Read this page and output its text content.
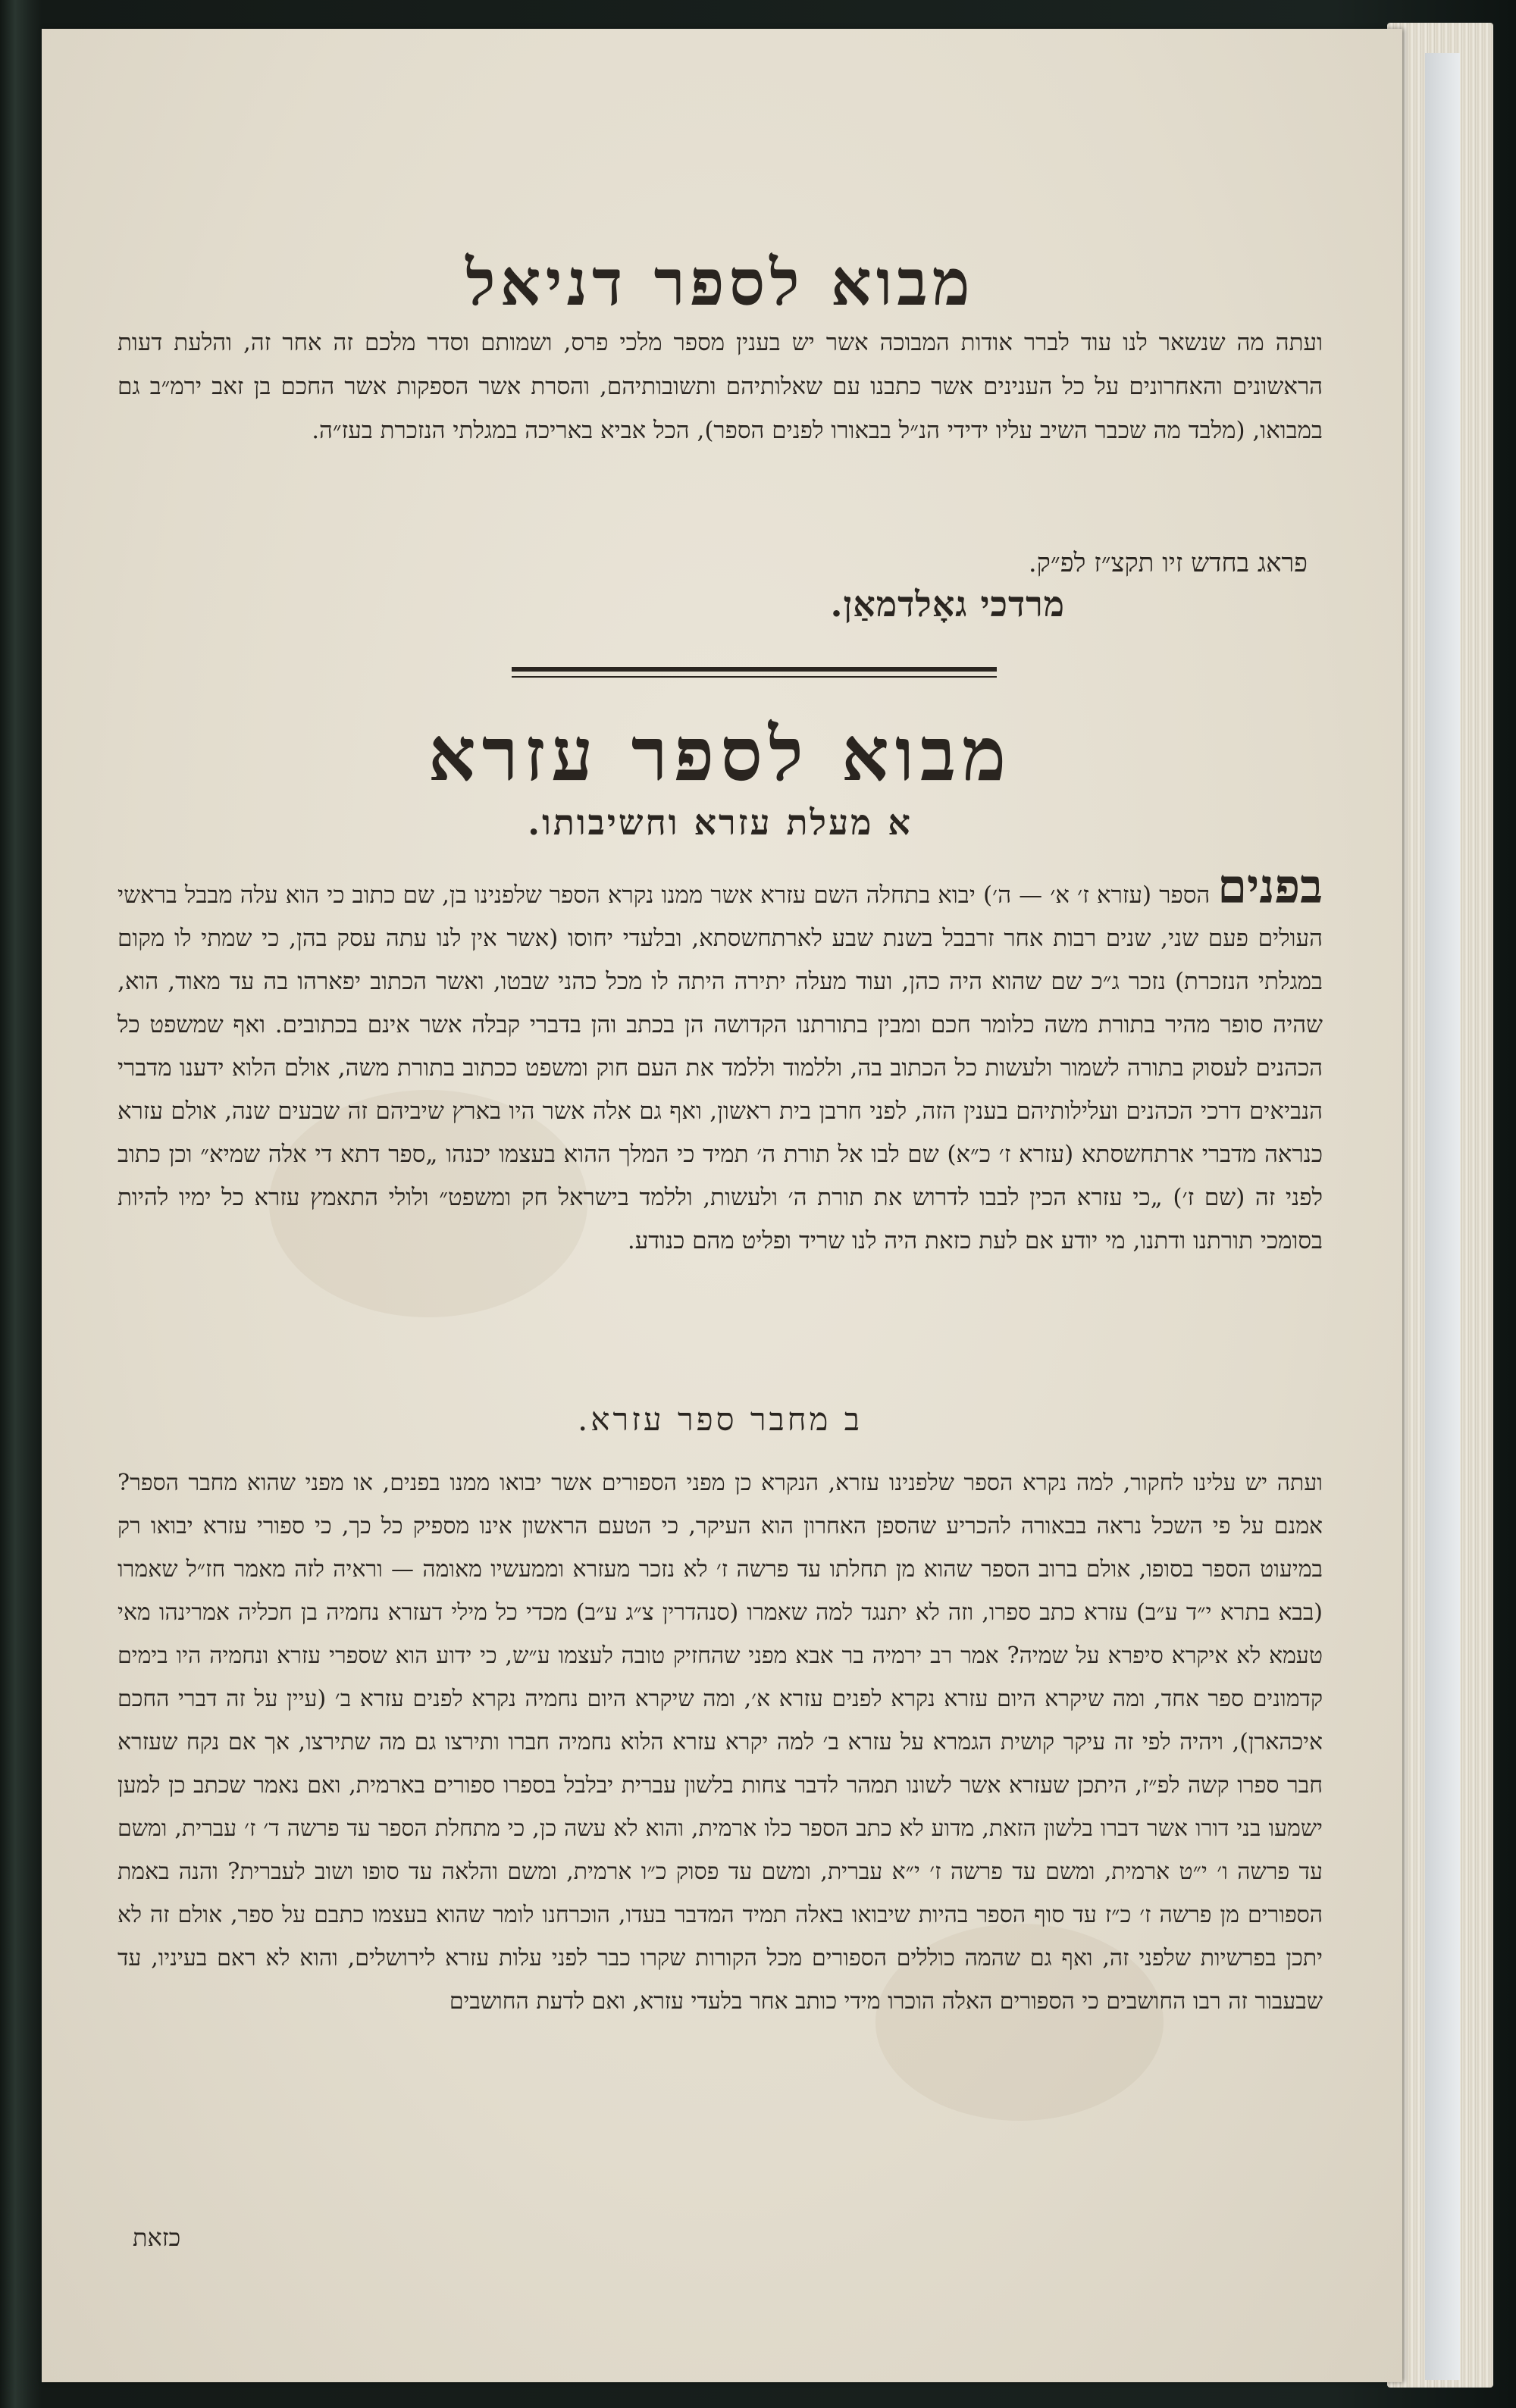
מבוא לספר דניאל
ועתה מה שנשאר לנו עוד לברר אודות המבוכה אשר יש בענין מספר מלכי פרס, ושמותם וסדר מלכם זה אחר זה, והלעת דעות הראשונים והאחרונים על כל הענינים אשר כתבנו עם שאלותיהם ותשובותיהם, והסרת אשר הספקות אשר החכם בן זאב ירמ״ב גם במבואו, (מלבד מה שכבר השיב עליו ידידי הנ״ל בבאורו לפנים הספר), הכל אביא באריכה במגלתי הנזכרת בעז״ה.
פראג בחדש זיו תקצ״ז לפ״ק.
מרדכי גאָלדמאַן.
מבוא לספר עזרא
א מעלת עזרא וחשיבותו.
בפנים הספר (עזרא ז׳ א׳ — ה׳) יבוא בתחלה השם עזרא אשר ממנו נקרא הספר שלפנינו בן, שם כתוב כי הוא עלה מבבל בראשי העולים פעם שני, שנים רבות אחר זרבבל בשנת שבע לארתחשסתא, ובלעדי יחוסו (אשר אין לנו עתה עסק בהן, כי שמתי לו מקום במגלתי הנזכרת) נזכר ג״כ שם שהוא היה כהן, ועוד מעלה יתירה היתה לו מכל כהני שבטו, ואשר הכתוב יפארהו בה עד מאוד, הוא, שהיה סופר מהיר בתורת משה כלומר חכם ומבין בתורתנו הקדושה הן בכתב והן בדברי קבלה אשר אינם בכתובים. ואף שמשפט כל הכהנים לעסוק בתורה לשמור ולעשות כל הכתוב בה, וללמוד וללמד את העם חוק ומשפט ככתוב בתורת משה, אולם הלוא ידענו מדברי הנביאים דרכי הכהנים ועלילותיהם בענין הזה, לפני חרבן בית ראשון, ואף גם אלה אשר היו בארץ שיביהם זה שבעים שנה, אולם עזרא כנראה מדברי ארתחשסתא (עזרא ז׳ כ״א) שם לבו אל תורת ה׳ תמיד כי המלך ההוא בעצמו יכנהו „ספר דתא די אלה שמיא״ וכן כתוב לפני זה (שם ז׳) „כי עזרא הכין לבבו לדרוש את תורת ה׳ ולעשות, וללמד בישראל חק ומשפט״ ולולי התאמץ עזרא כל ימיו להיות בסומכי תורתנו ודתנו, מי יודע אם לעת כזאת היה לנו שריד ופליט מהם כנודע.
ב מחבר ספר עזרא.
ועתה יש עלינו לחקור, למה נקרא הספר שלפנינו עזרא, הנקרא כן מפני הספורים אשר יבואו ממנו בפנים, או מפני שהוא מחבר הספר? אמנם על פי השכל נראה בבאורה להכריע שהספן האחרון הוא העיקר, כי הטעם הראשון אינו מספיק כל כך, כי ספורי עזרא יבואו רק במיעוט הספר בסופו, אולם ברוב הספר שהוא מן תחלתו עד פרשה ז׳ לא נזכר מעזרא וממעשיו מאומה — וראיה לזה מאמר חז״ל שאמרו (בבא בתרא י״ד ע״ב) עזרא כתב ספרו, וזה לא יתנגד למה שאמרו (סנהדרין צ״ג ע״ב) מכדי כל מילי דעזרא נחמיה בן חכליה אמרינהו מאי טעמא לא איקרא סיפרא על שמיה? אמר רב ירמיה בר אבא מפני שהחזיק טובה לעצמו ע״ש, כי ידוע הוא שספרי עזרא ונחמיה היו בימים קדמונים ספר אחד, ומה שיקרא היום עזרא נקרא לפנים עזרא א׳, ומה שיקרא היום נחמיה נקרא לפנים עזרא ב׳ (עיין על זה דברי החכם איכהארן), ויהיה לפי זה עיקר קושית הגמרא על עזרא ב׳ למה יקרא עזרא הלוא נחמיה חברו ותירצו גם מה שתירצו, אך אם נקח שעזרא חבר ספרו קשה לפ״ז, היתכן שעזרא אשר לשונו תמהר לדבר צחות בלשון עברית יבלבל בספרו ספורים בארמית, ואם נאמר שכתב כן למען ישמעו בני דורו אשר דברו בלשון הזאת, מדוע לא כתב הספר כלו ארמית, והוא לא עשה כן, כי מתחלת הספר עד פרשה ד׳ ז׳ עברית, ומשם עד פרשה ו׳ י״ט ארמית, ומשם עד פרשה ז׳ י״א עברית, ומשם עד פסוק כ״ו ארמית, ומשם והלאה עד סופו ושוב לעברית? והנה באמת הספורים מן פרשה ז׳ כ״ז עד סוף הספר בהיות שיבואו באלה תמיד המדבר בעדו, הוכרחנו לומר שהוא בעצמו כתבם על ספר, אולם זה לא יתכן בפרשיות שלפני זה, ואף גם שהמה כוללים הספורים מכל הקורות שקרו כבר לפני עלות עזרא לירושלים, והוא לא ראם בעיניו, עד שבעבור זה רבו החושבים כי הספורים האלה הוכרו מידי כותב אחר בלעדי עזרא, ואם לדעת החושבים
כזאת
